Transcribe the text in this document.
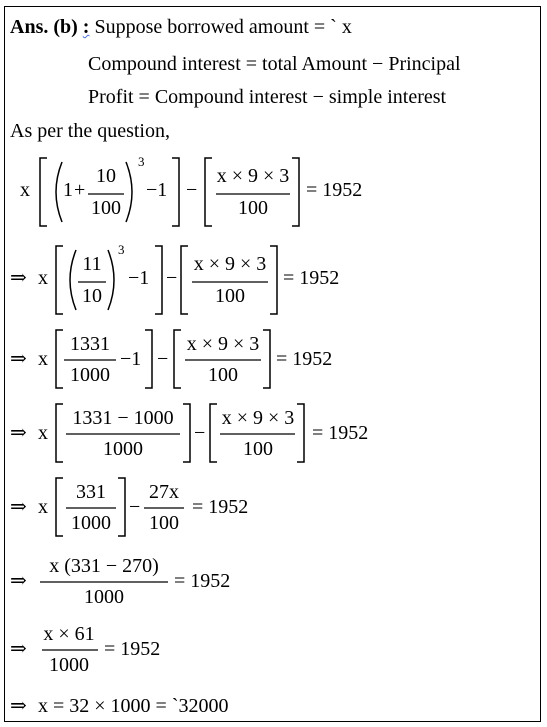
Ans. (b) : Suppose borrowed amount = ` x
Compound interest = total Amount − Principal
Profit = Compound interest − simple interest
As per the question,
x 1 +
10
100
3
−1 −
x × 9 × 3
100
= 1952
⇒ x
11
10
3
−1 −
x × 9 × 3
100
= 1952
⇒ x
1331
1000
−1 −
x × 9 × 3
100
= 1952
⇒ x
1331 − 1000
1000
−
x × 9 × 3
100
= 1952
⇒ x
331
1000
−
27x
100
= 1952
⇒
x (331 − 270)
1000
= 1952
⇒
x × 61
1000
= 1952
⇒ x = 32 × 1000 = `32000
